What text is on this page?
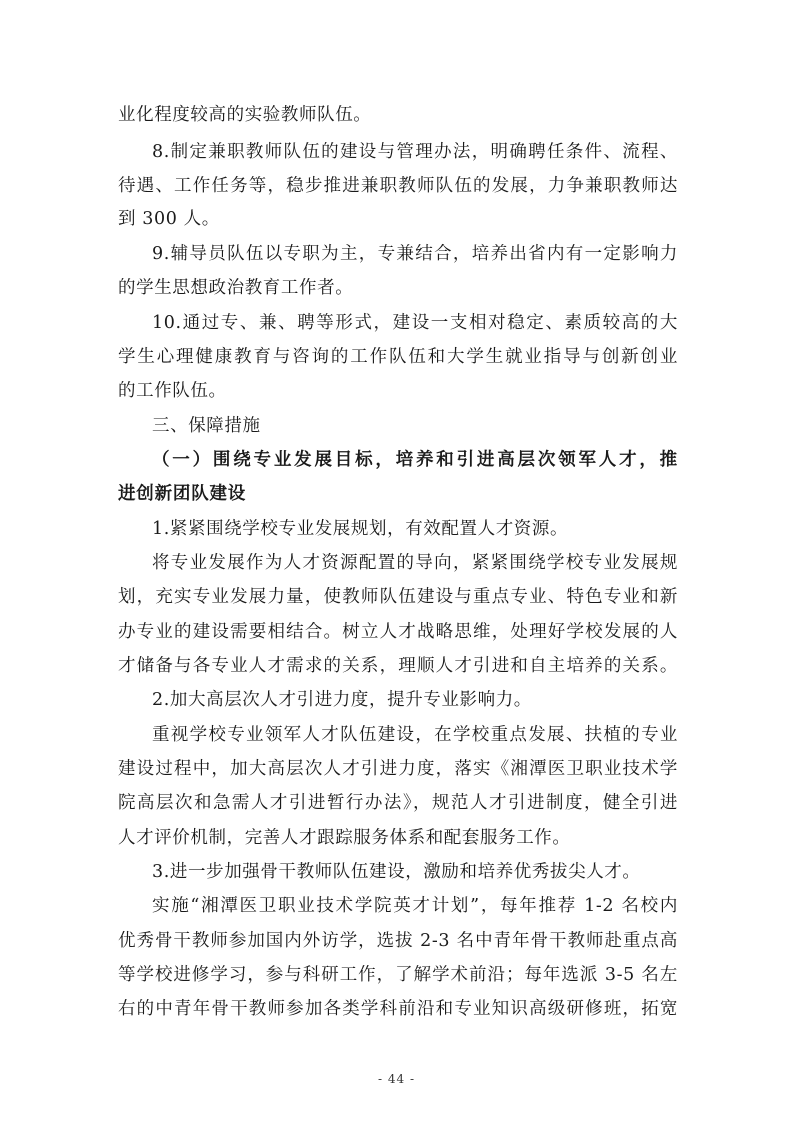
业化程度较高的实验教师队伍。
8.制定兼职教师队伍的建设与管理办法，明确聘任条件、流程、
待遇、工作任务等，稳步推进兼职教师队伍的发展，力争兼职教师达
到 300 人。
9.辅导员队伍以专职为主，专兼结合，培养出省内有一定影响力
的学生思想政治教育工作者。
10.通过专、兼、聘等形式，建设一支相对稳定、素质较高的大
学生心理健康教育与咨询的工作队伍和大学生就业指导与创新创业
的工作队伍。
三、保障措施
（一）围绕专业发展目标，培养和引进高层次领军人才，推
进创新团队建设
1.紧紧围绕学校专业发展规划，有效配置人才资源。
将专业发展作为人才资源配置的导向，紧紧围绕学校专业发展规
划，充实专业发展力量，使教师队伍建设与重点专业、特色专业和新
办专业的建设需要相结合。树立人才战略思维，处理好学校发展的人
才储备与各专业人才需求的关系，理顺人才引进和自主培养的关系。
2.加大高层次人才引进力度，提升专业影响力。
重视学校专业领军人才队伍建设，在学校重点发展、扶植的专业
建设过程中，加大高层次人才引进力度，落实《湘潭医卫职业技术学
院高层次和急需人才引进暂行办法》，规范人才引进制度，健全引进
人才评价机制，完善人才跟踪服务体系和配套服务工作。
3.进一步加强骨干教师队伍建设，激励和培养优秀拔尖人才。
实施“湘潭医卫职业技术学院英才计划”，每年推荐 1-2 名校内
优秀骨干教师参加国内外访学，选拔 2-3 名中青年骨干教师赴重点高
等学校进修学习，参与科研工作，了解学术前沿；每年选派 3-5 名左
右的中青年骨干教师参加各类学科前沿和专业知识高级研修班，拓宽
- 44 -
